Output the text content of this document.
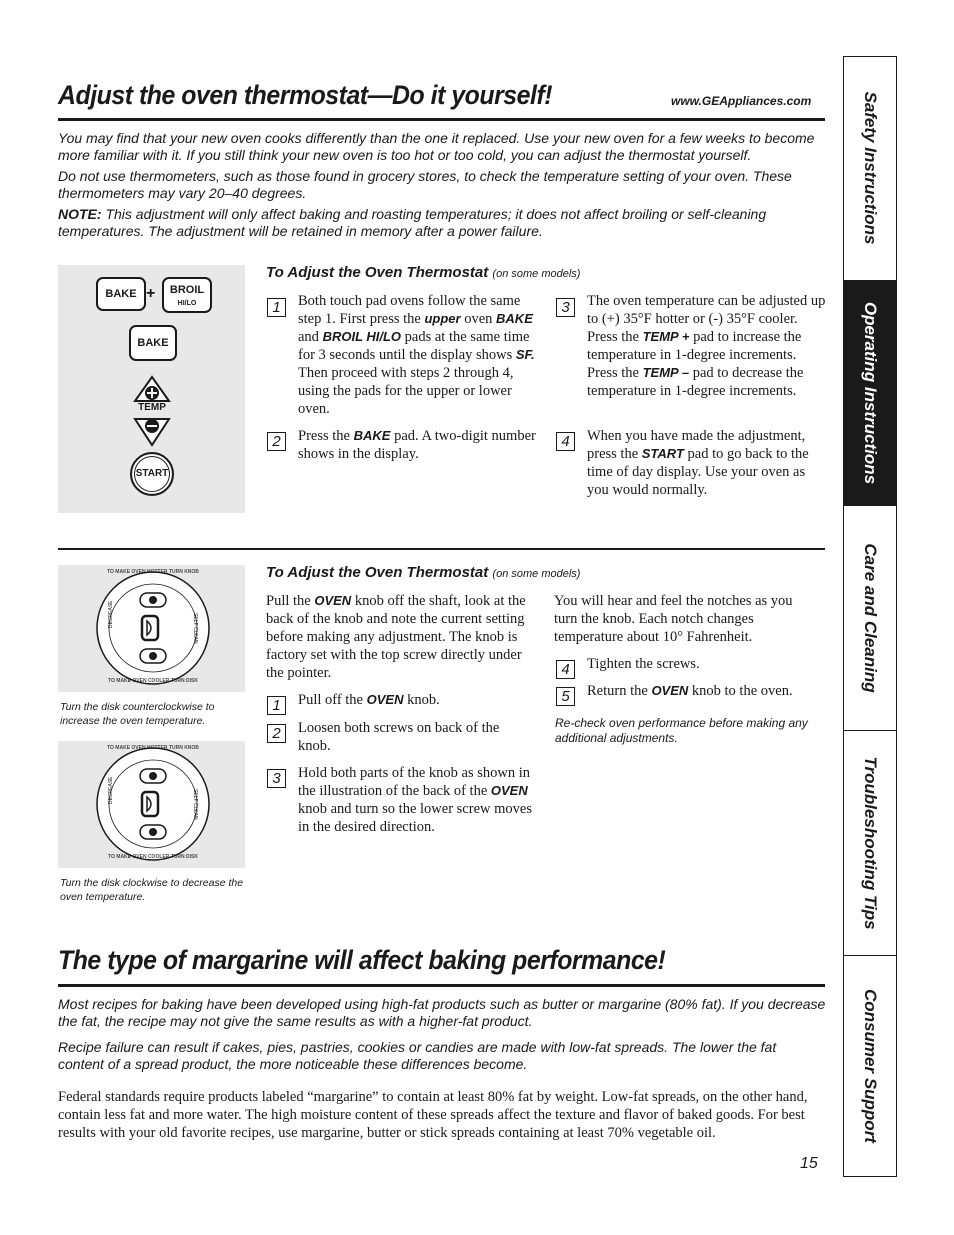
Adjust the oven thermostat—Do it yourself!	www.GEAppliances.com

You may find that your new oven cooks differently than the one it replaced. Use your new oven for a few weeks to become more familiar with it. If you still think your new oven is too hot or too cold, you can adjust the thermostat yourself.

Do not use thermometers, such as those found in grocery stores, to check the temperature setting of your oven. These thermometers may vary 20–40 degrees.

NOTE: This adjustment will only affect baking and roasting temperatures; it does not affect broiling or self-cleaning temperatures. The adjustment will be retained in memory after a power failure.

BAKE +	BROIL
HI/LO
BAKE
TEMP
START
To Adjust the Oven Thermostat (on some models)
1	Both touch pad ovens follow the same step 1. First press the upper oven BAKE and BROIL HI/LO pads at the same time for 3 seconds until the display shows SF. Then proceed with steps 2 through 4, using the pads for the upper or lower oven.
2	Press the BAKE pad. A two-digit number shows in the display.
3	The oven temperature can be adjusted up to (+) 35°F hotter or (-) 35°F cooler. Press the TEMP + pad to increase the temperature in 1-degree increments. Press the TEMP – pad to decrease the temperature in 1-degree increments.
4	When you have made the adjustment, press the START pad to go back to the time of day display. Use your oven as you would normally.
TO MAKE OVEN HOTTER TURN KNOB
TO MAKE OVEN COOLER TURN DISK
DECREASE	SELF CLEAN
Turn the disk counterclockwise to increase the oven temperature.
TO MAKE OVEN HOTTER TURN KNOB
TO MAKE OVEN COOLER TURN DISK
DECREASE	SELF CLEAN
Turn the disk clockwise to decrease the oven temperature.
To Adjust the Oven Thermostat (on some models)
Pull the OVEN knob off the shaft, look at the back of the knob and note the current setting before making any adjustment. The knob is factory set with the top screw directly under the pointer.
1	Pull off the OVEN knob.
2	Loosen both screws on back of the knob.
3	Hold both parts of the knob as shown in the illustration of the back of the OVEN knob and turn so the lower screw moves in the desired direction.
You will hear and feel the notches as you turn the knob. Each notch changes temperature about 10° Fahrenheit.
4	Tighten the screws.
5	Return the OVEN knob to the oven.
Re-check oven performance before making any additional adjustments.
The type of margarine will affect baking performance!

Most recipes for baking have been developed using high-fat products such as butter or margarine (80% fat). If you decrease the fat, the recipe may not give the same results as with a higher-fat product.

Recipe failure can result if cakes, pies, pastries, cookies or candies are made with low-fat spreads. The lower the fat content of a spread product, the more noticeable these differences become.

Federal standards require products labeled “margarine” to contain at least 80% fat by weight. Low-fat spreads, on the other hand, contain less fat and more water. The high moisture content of these spreads affect the texture and flavor of baked goods. For best results with your old favorite recipes, use margarine, butter or stick spreads containing at least 70% vegetable oil.
15
Safety Instructions
Operating Instructions
Care and Cleaning
Troubleshooting Tips
Consumer Support
